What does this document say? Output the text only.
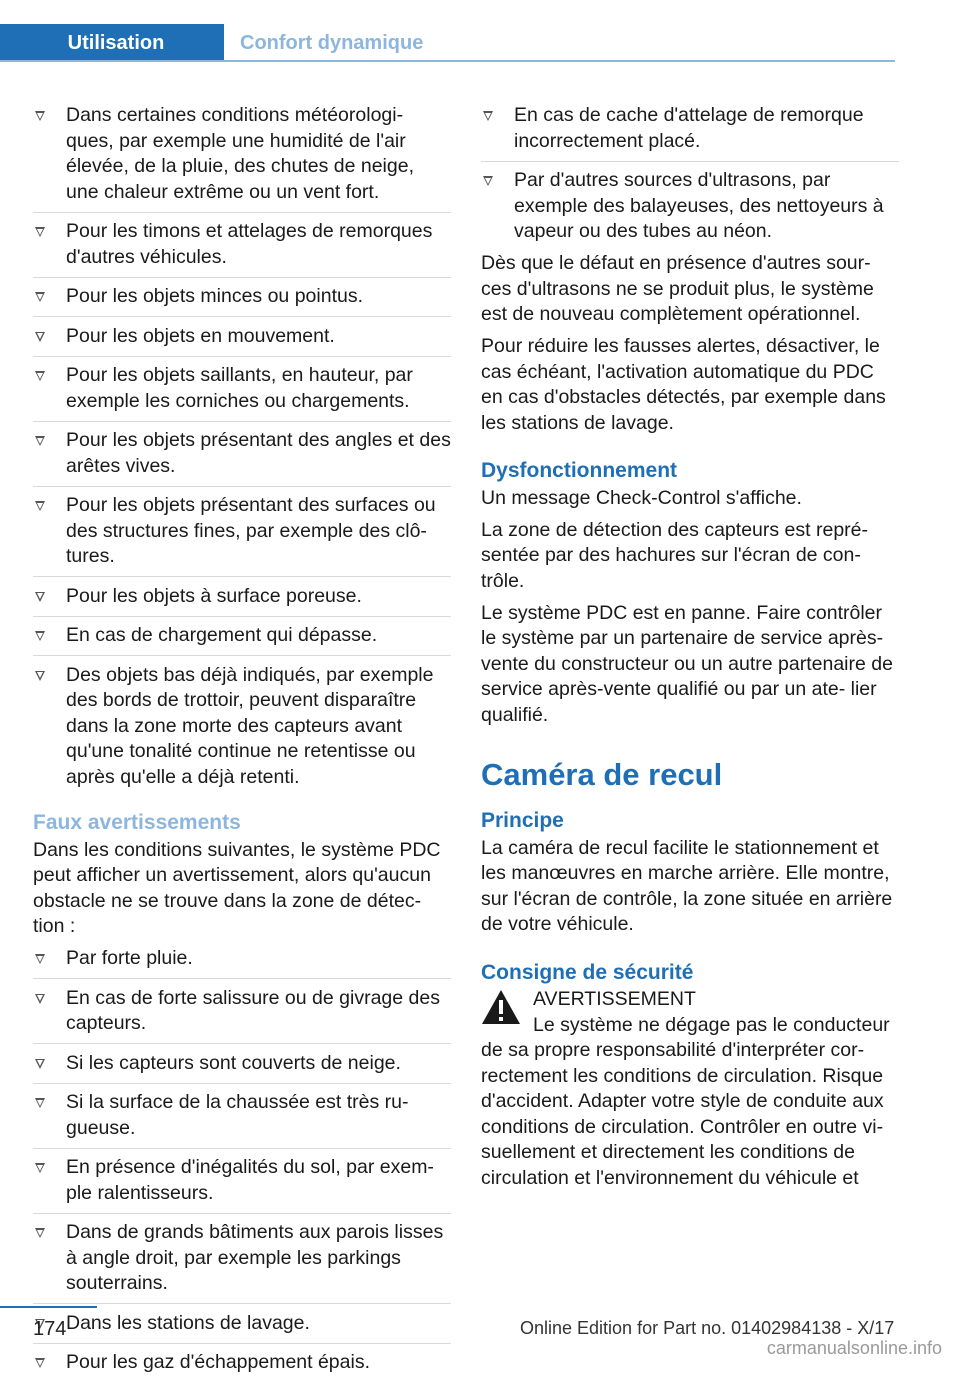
Utilisation	Confort dynamique
Dans certaines conditions météorologi‐ ques, par exemple une humidité de l'air élevée, de la pluie, des chutes de neige, une chaleur extrême ou un vent fort.
Pour les timons et attelages de remorques d'autres véhicules.
Pour les objets minces ou pointus.
Pour les objets en mouvement.
Pour les objets saillants, en hauteur, par exemple les corniches ou chargements.
Pour les objets présentant des angles et des arêtes vives.
Pour les objets présentant des surfaces ou des structures fines, par exemple des clô‐ tures.
Pour les objets à surface poreuse.
En cas de chargement qui dépasse.
Des objets bas déjà indiqués, par exemple des bords de trottoir, peuvent disparaître dans la zone morte des capteurs avant qu'une tonalité continue ne retentisse ou après qu'elle a déjà retenti.
Faux avertissements

Dans les conditions suivantes, le système PDC peut afficher un avertissement, alors qu'aucun obstacle ne se trouve dans la zone de détec‐ tion :

Par forte pluie.
En cas de forte salissure ou de givrage des capteurs.
Si les capteurs sont couverts de neige.
Si la surface de la chaussée est très ru‐ gueuse.
En présence d'inégalités du sol, par exem‐ ple ralentisseurs.
Dans de grands bâtiments aux parois lisses à angle droit, par exemple les parkings souterrains.
Dans les stations de lavage.
Pour les gaz d'échappement épais.
En cas de cache d'attelage de remorque incorrectement placé.
Par d'autres sources d'ultrasons, par exemple des balayeuses, des nettoyeurs à vapeur ou des tubes au néon.

Dès que le défaut en présence d'autres sour‐ ces d'ultrasons ne se produit plus, le système est de nouveau complètement opérationnel.

Pour réduire les fausses alertes, désactiver, le cas échéant, l'activation automatique du PDC en cas d'obstacles détectés, par exemple dans les stations de lavage.

Dysfonctionnement

Un message Check-Control s'affiche.

La zone de détection des capteurs est repré‐ sentée par des hachures sur l'écran de con‐ trôle.

Le système PDC est en panne. Faire contrôler le système par un partenaire de service après- vente du constructeur ou un autre partenaire de service après-vente qualifié ou par un ate‐ lier qualifié.

Caméra de recul
Principe

La caméra de recul facilite le stationnement et les manœuvres en marche arrière. Elle montre, sur l'écran de contrôle, la zone située en arrière de votre véhicule.

Consigne de sécurité
AVERTISSEMENT
Le système ne dégage pas le conducteur
de sa propre responsabilité d'interpréter cor‐ rectement les conditions de circulation. Risque d'accident. Adapter votre style de conduite aux conditions de circulation. Contrôler en outre vi‐ suellement et directement les conditions de circulation et l'environnement du véhicule et
174	Online Edition for Part no. 01402984138 - X/17
carmanualsonline.info
